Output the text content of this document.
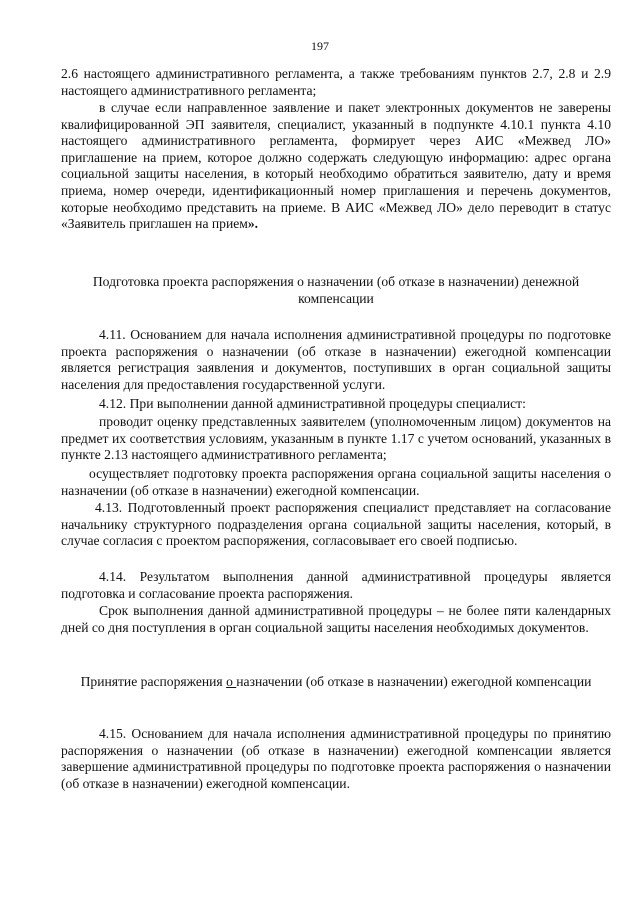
197

2.6 настоящего административного регламента, а также требованиям пунктов 2.7, 2.8 и 2.9 настоящего административного регламента;

в случае если направленное заявление и пакет электронных документов не заверены квалифицированной ЭП заявителя, специалист, указанный в подпункте 4.10.1 пункта 4.10 настоящего административного регламента, формирует через АИС «Межвед ЛО» приглашение на прием, которое должно содержать следующую информацию: адрес органа социальной защиты населения, в который необходимо обратиться заявителю, дату и время приема, номер очереди, идентификационный номер приглашения и перечень документов, которые необходимо представить на приеме. В АИС «Межвед ЛО» дело переводит в статус «Заявитель приглашен на прием».

Подготовка проекта распоряжения о назначении (об отказе в назначении) денежной компенсации

4.11. Основанием для начала исполнения административной процедуры по подготовке проекта распоряжения о назначении (об отказе в назначении) ежегодной компенсации является регистрация заявления и документов, поступивших в орган социальной защиты населения для предоставления государственной услуги.

4.12. При выполнении данной административной процедуры специалист:

проводит оценку представленных заявителем (уполномоченным лицом) документов на предмет их соответствия условиям, указанным в пункте 1.17 с учетом оснований, указанных в пункте 2.13 настоящего административного регламента;

осуществляет подготовку проекта распоряжения органа социальной защиты населения о назначении (об отказе в назначении) ежегодной компенсации.

4.13. Подготовленный проект распоряжения специалист представляет на согласование начальнику структурного подразделения органа социальной защиты населения, который, в случае согласия с проектом распоряжения, согласовывает его своей подписью.

4.14. Результатом выполнения данной административной процедуры является подготовка и согласование проекта распоряжения.

Срок выполнения данной административной процедуры – не более пяти календарных дней со дня поступления в орган социальной защиты населения необходимых документов.

Принятие распоряжения о назначении (об отказе в назначении) ежегодной компенсации

4.15. Основанием для начала исполнения административной процедуры по принятию распоряжения о назначении (об отказе в назначении) ежегодной компенсации является завершение административной процедуры по подготовке проекта распоряжения о назначении (об отказе в назначении) ежегодной компенсации.
